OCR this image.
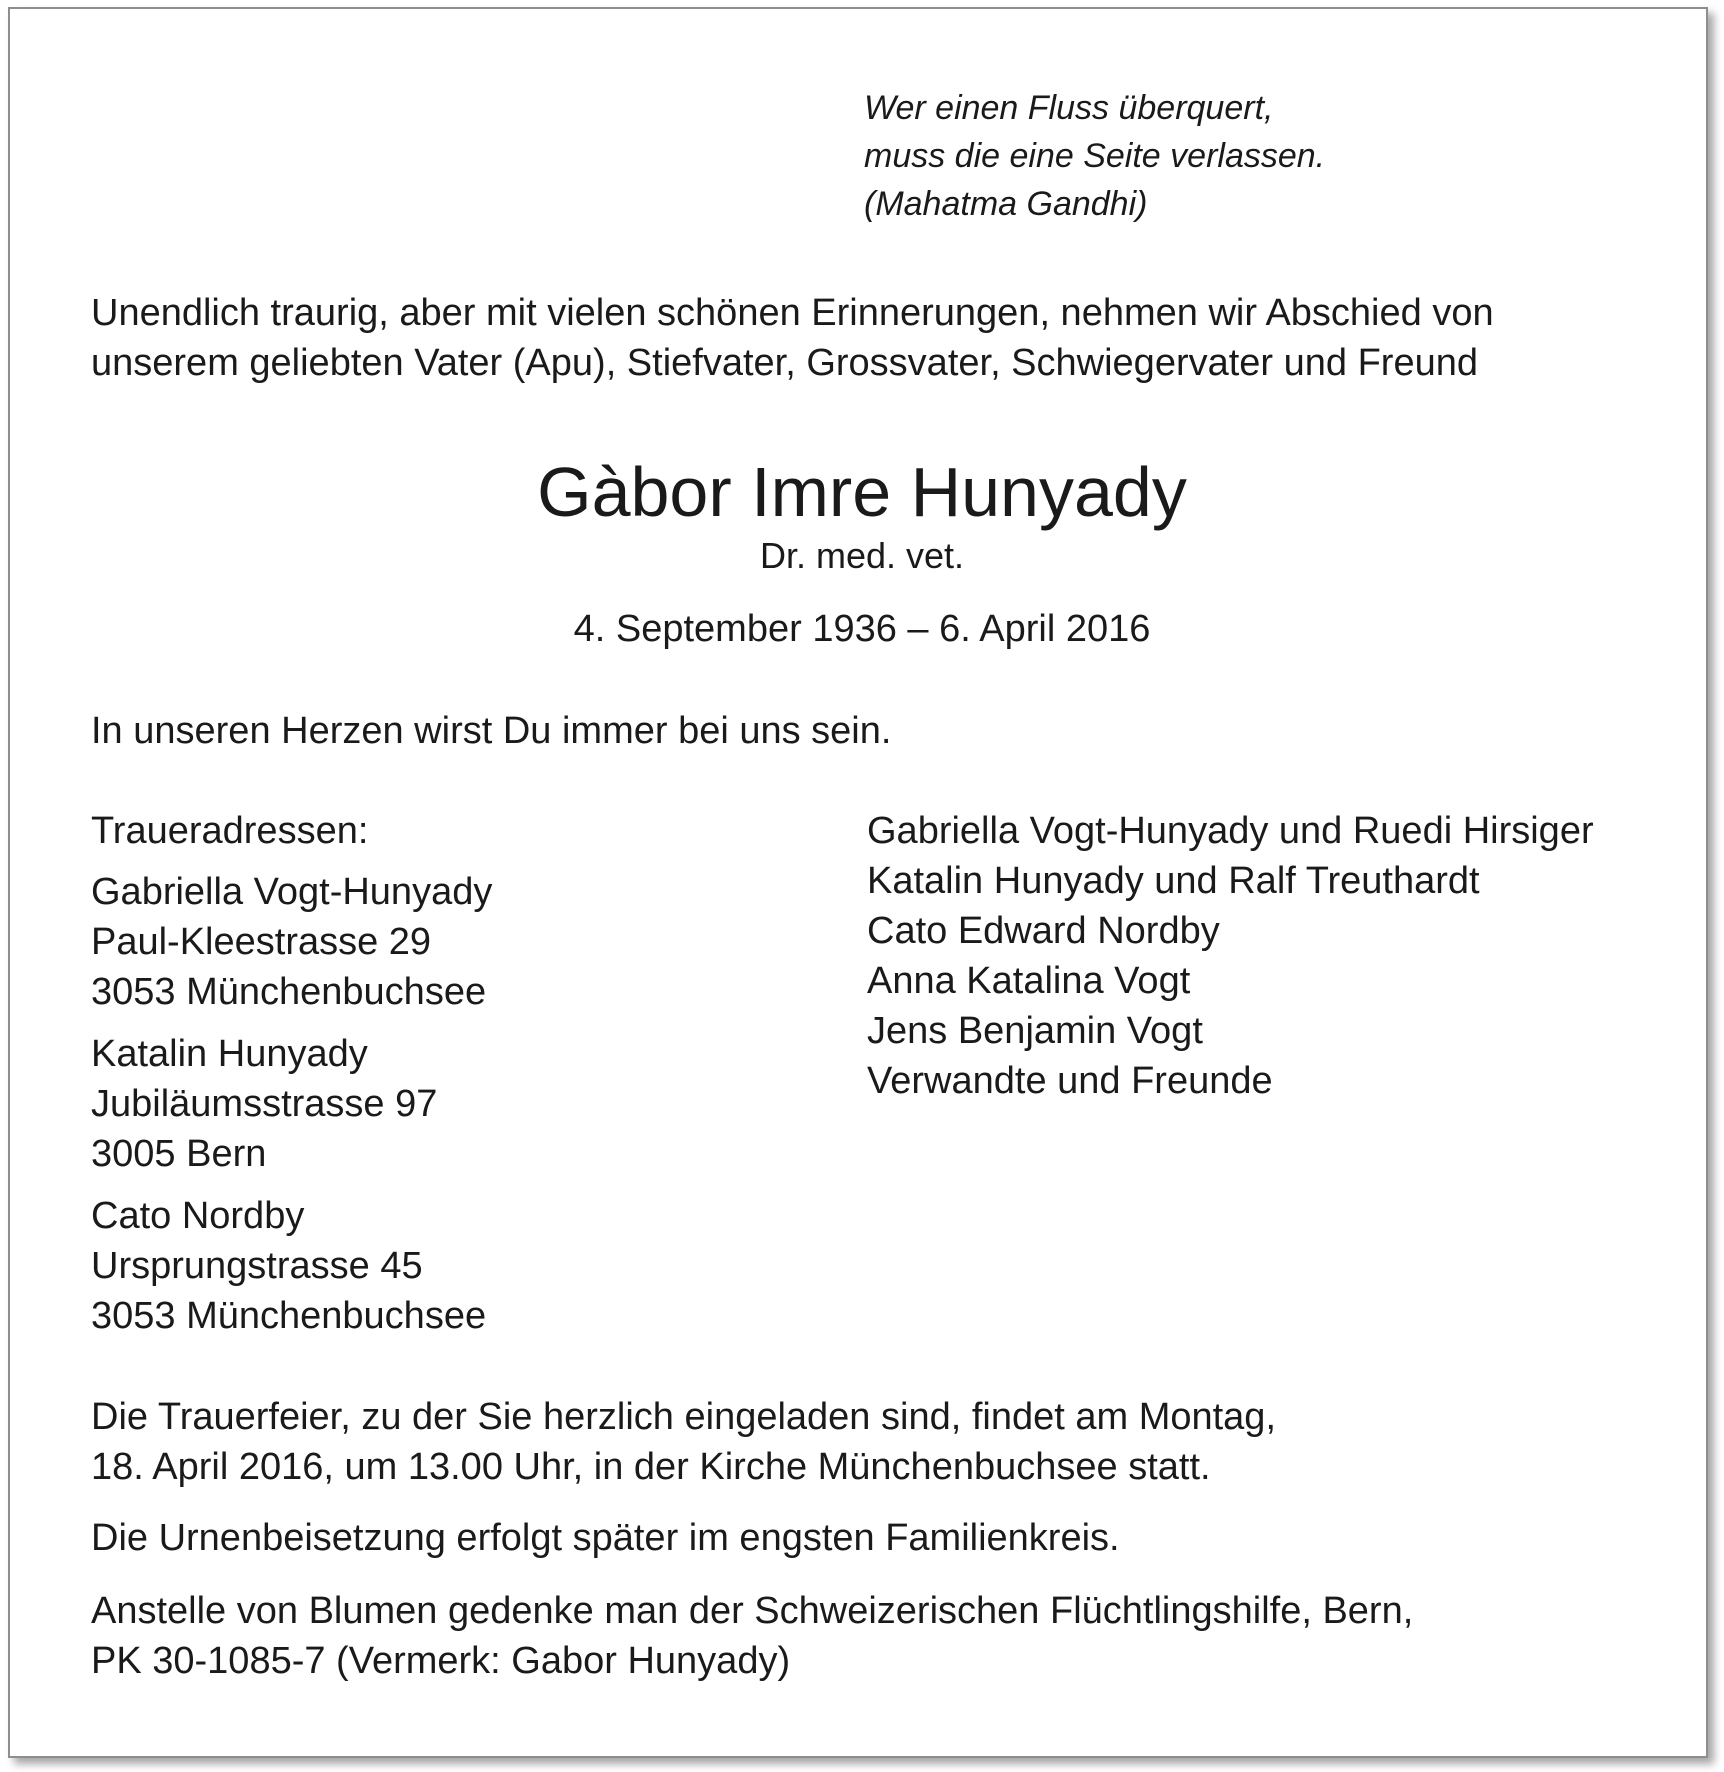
Wer einen Fluss überquert,
muss die eine Seite verlassen.
(Mahatma Gandhi)
Unendlich traurig, aber mit vielen schönen Erinnerungen, nehmen wir Abschied von
unserem geliebten Vater (Apu), Stiefvater, Grossvater, Schwiegervater und Freund
Gàbor Imre Hunyady
Dr. med. vet.
4. September 1936 – 6. April 2016
In unseren Herzen wirst Du immer bei uns sein.
Traueradressen:
Gabriella Vogt-Hunyady
Paul-Kleestrasse 29
3053 Münchenbuchsee
Katalin Hunyady
Jubiläumsstrasse 97
3005 Bern
Cato Nordby
Ursprungstrasse 45
3053 Münchenbuchsee
Gabriella Vogt-Hunyady und Ruedi Hirsiger
Katalin Hunyady und Ralf Treuthardt
Cato Edward Nordby
Anna Katalina Vogt
Jens Benjamin Vogt
Verwandte und Freunde
Die Trauerfeier, zu der Sie herzlich eingeladen sind, findet am Montag,
18. April 2016, um 13.00 Uhr, in der Kirche Münchenbuchsee statt.
Die Urnenbeisetzung erfolgt später im engsten Familienkreis.
Anstelle von Blumen gedenke man der Schweizerischen Flüchtlingshilfe, Bern,
PK 30-1085-7 (Vermerk: Gabor Hunyady)
